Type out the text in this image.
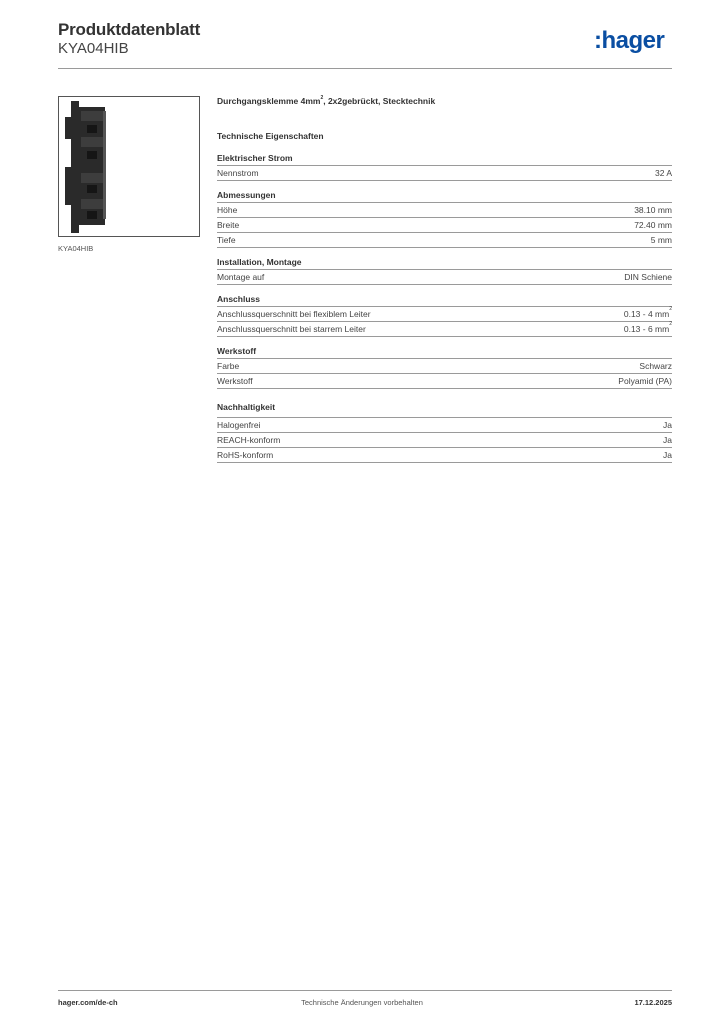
Produktdatenblatt
KYA04HIB	:hager
KYA04HIB

Durchgangsklemme $4mm^2$, 2x2gebrückt, Stecktechnik

Technische Eigenschaften
Elektrischer Strom
Nennstrom	32 A
Abmessungen
Höhe	38.10 mm
Breite	72.40 mm
Tiefe	5 mm
Installation, Montage
Montage auf	DIN Schiene
Anschluss
Anschlussquerschnitt bei flexiblem Leiter	0.13 - 4 $mm^2$
Anschlussquerschnitt bei starrem Leiter	0.13 - 6 $mm^2$
Werkstoff
Farbe	Schwarz
Werkstoff	Polyamid (PA)
Nachhaltigkeit
Halogenfrei	Ja
REACH-konform	Ja
RoHS-konform	Ja
hager.com/de-ch	Technische Änderungen vorbehalten	17.12.2025
